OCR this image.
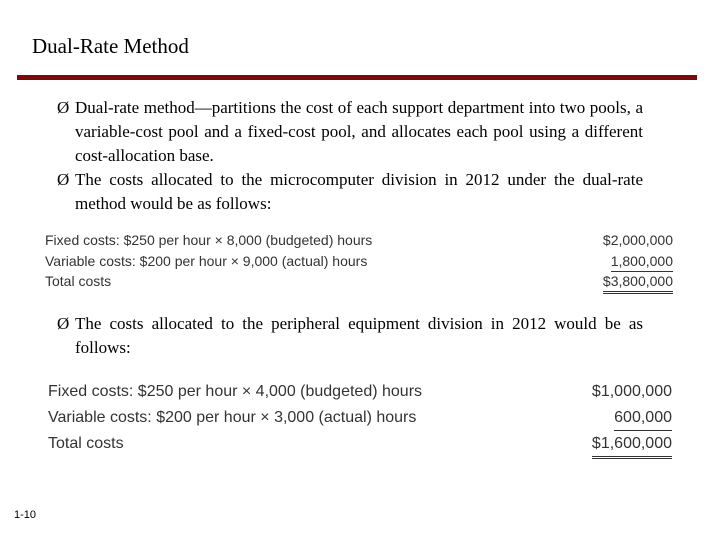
Dual-Rate Method
Ø Dual-rate method—partitions the cost of each support department into two pools, a variable-cost pool and a fixed-cost pool, and allocates each pool using a different cost-allocation base.
Ø The costs allocated to the microcomputer division in 2012 under the dual-rate method would be as follows:
Fixed costs: $250 per hour × 8,000 (budgeted) hours	$2,000,000
Variable costs: $200 per hour × 9,000 (actual) hours	1,800,000
Total costs	$3,800,000
Ø The costs allocated to the peripheral equipment division in 2012 would be as follows:
Fixed costs: $250 per hour × 4,000 (budgeted) hours	$1,000,000
Variable costs: $200 per hour × 3,000 (actual) hours	600,000
Total costs	$1,600,000
1-10
